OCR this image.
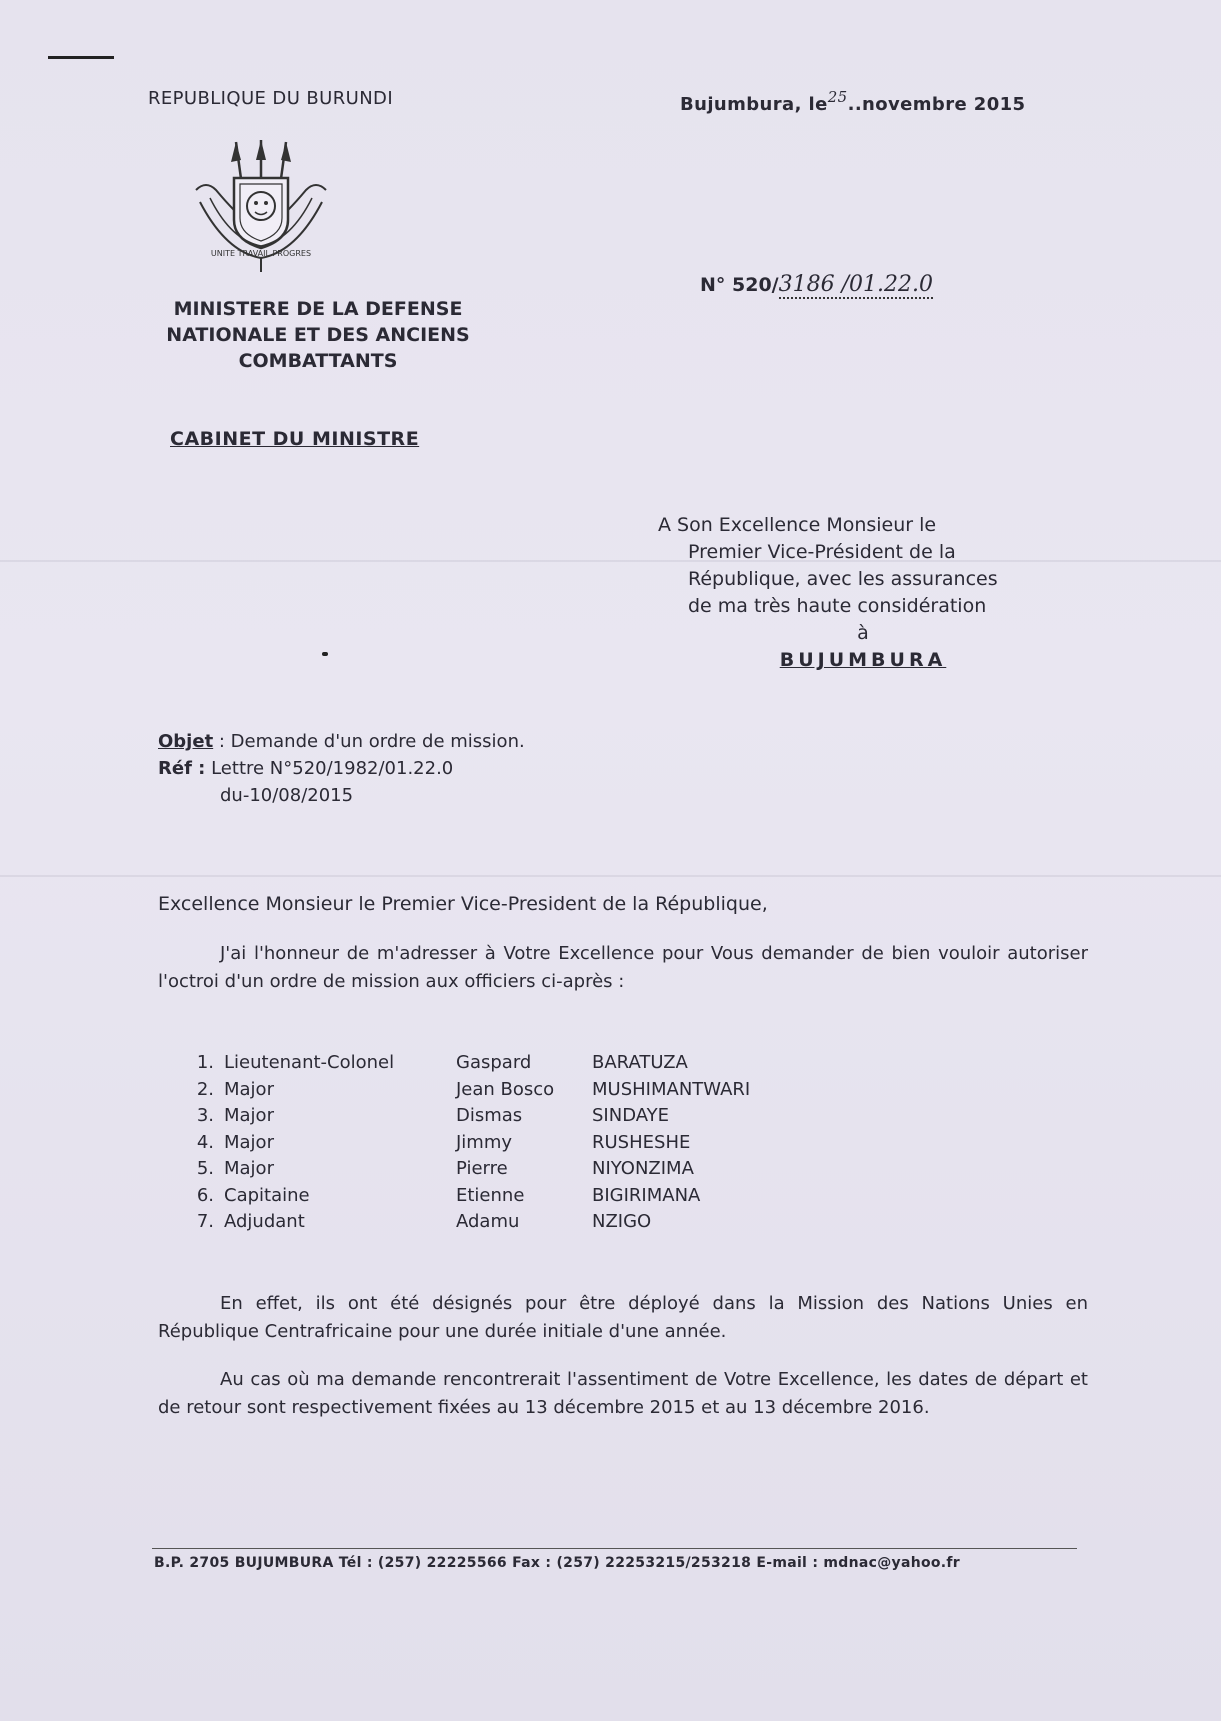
REPUBLIQUE DU BURUNDI	Bujumbura, $le^{25}..novembre$ 2015
UNITE TRAVAIL PROGRES
MINISTERE DE LA DEFENSE
NATIONALE ET DES ANCIENS
COMBATTANTS
CABINET DU MINISTRE
N° 520/3186 /01.22.0
A Son Excellence Monsieur le
Premier Vice-Président de la
République, avec les assurances
de ma très haute considération
à
BUJUMBURA
Objet : Demande d'un ordre de mission.
Réf : Lettre N°520/1982/01.22.0
du-10/08/2015
Excellence Monsieur le Premier Vice-President de la République,
J'ai l'honneur de m'adresser à Votre Excellence pour Vous demander de bien vouloir autoriser l'octroi d'un ordre de mission aux officiers ci-après :
1.	Lieutenant-Colonel	Gaspard	BARATUZA
2.	Major	Jean Bosco	MUSHIMANTWARI
3.	Major	Dismas	SINDAYE
4.	Major	Jimmy	RUSHESHE
5.	Major	Pierre	NIYONZIMA
6.	Capitaine	Etienne	BIGIRIMANA
7.	Adjudant	Adamu	NZIGO
En effet, ils ont été désignés pour être déployé dans la Mission des Nations Unies en République Centrafricaine pour une durée initiale d'une année.
Au cas où ma demande rencontrerait l'assentiment de Votre Excellence, les dates de départ et de retour sont respectivement fixées au 13 décembre 2015 et au 13 décembre 2016.
B.P. 2705 BUJUMBURA Tél : (257) 22225566 Fax : (257) 22253215/253218 E-mail : mdnac@yahoo.fr
